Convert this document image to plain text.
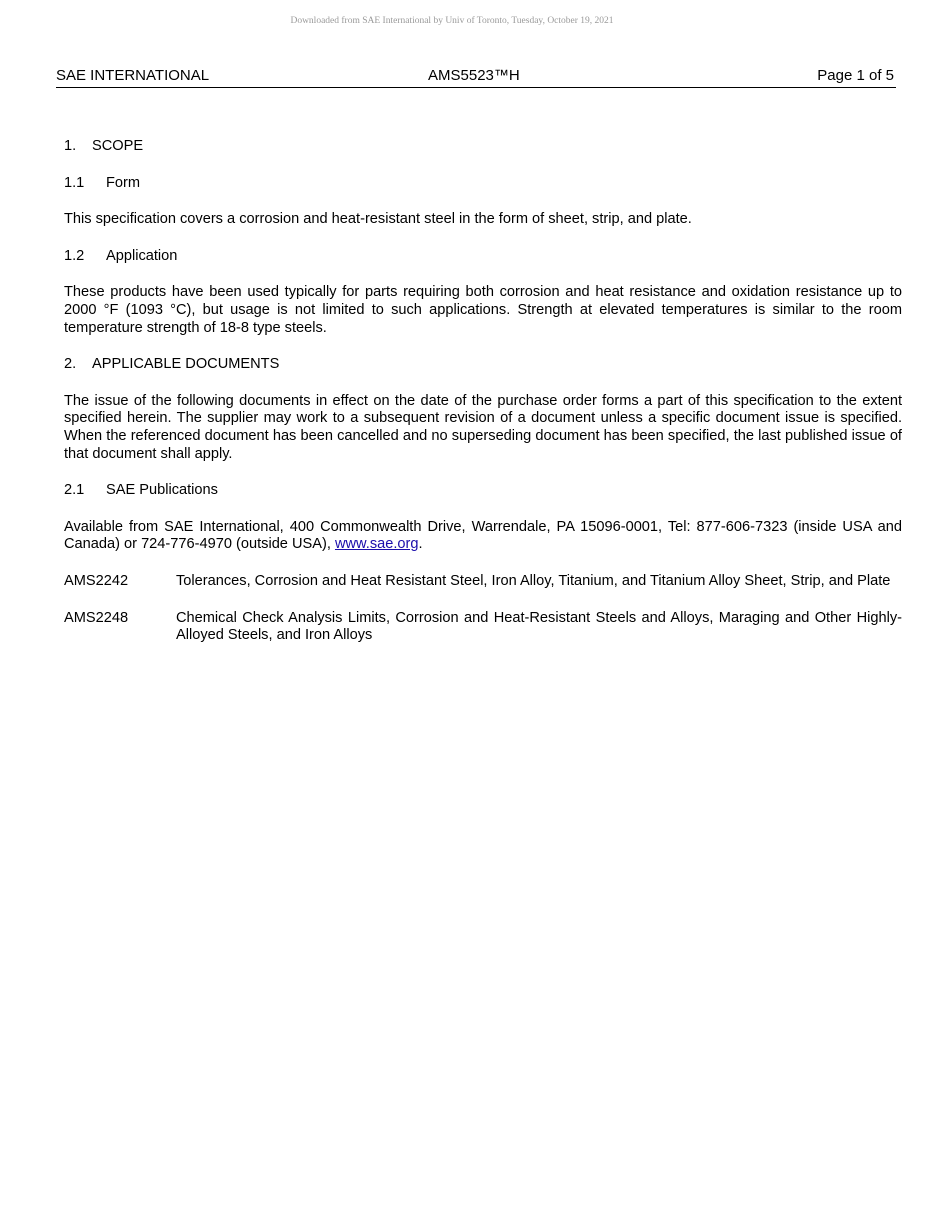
Downloaded from SAE International by Univ of Toronto, Tuesday, October 19, 2021
SAE INTERNATIONAL	AMS5523™H	Page 1 of 5
1.	SCOPE
1.1	Form

This specification covers a corrosion and heat-resistant steel in the form of sheet, strip, and plate.

1.2	Application

These products have been used typically for parts requiring both corrosion and heat resistance and oxidation resistance up to 2000 °F (1093 °C), but usage is not limited to such applications. Strength at elevated temperatures is similar to the room temperature strength of 18-8 type steels.

2.	APPLICABLE DOCUMENTS

The issue of the following documents in effect on the date of the purchase order forms a part of this specification to the extent specified herein. The supplier may work to a subsequent revision of a document unless a specific document issue is specified. When the referenced document has been cancelled and no superseding document has been specified, the last published issue of that document shall apply.

2.1	SAE Publications

Available from SAE International, 400 Commonwealth Drive, Warrendale, PA 15096-0001, Tel: 877-606-7323 (inside USA and Canada) or 724-776-4970 (outside USA), www.sae.org.

AMS2242	Tolerances, Corrosion and Heat Resistant Steel, Iron Alloy, Titanium, and Titanium Alloy Sheet, Strip, and Plate
AMS2248	Chemical Check Analysis Limits, Corrosion and Heat-Resistant Steels and Alloys, Maraging and Other Highly-Alloyed Steels, and Iron Alloys
